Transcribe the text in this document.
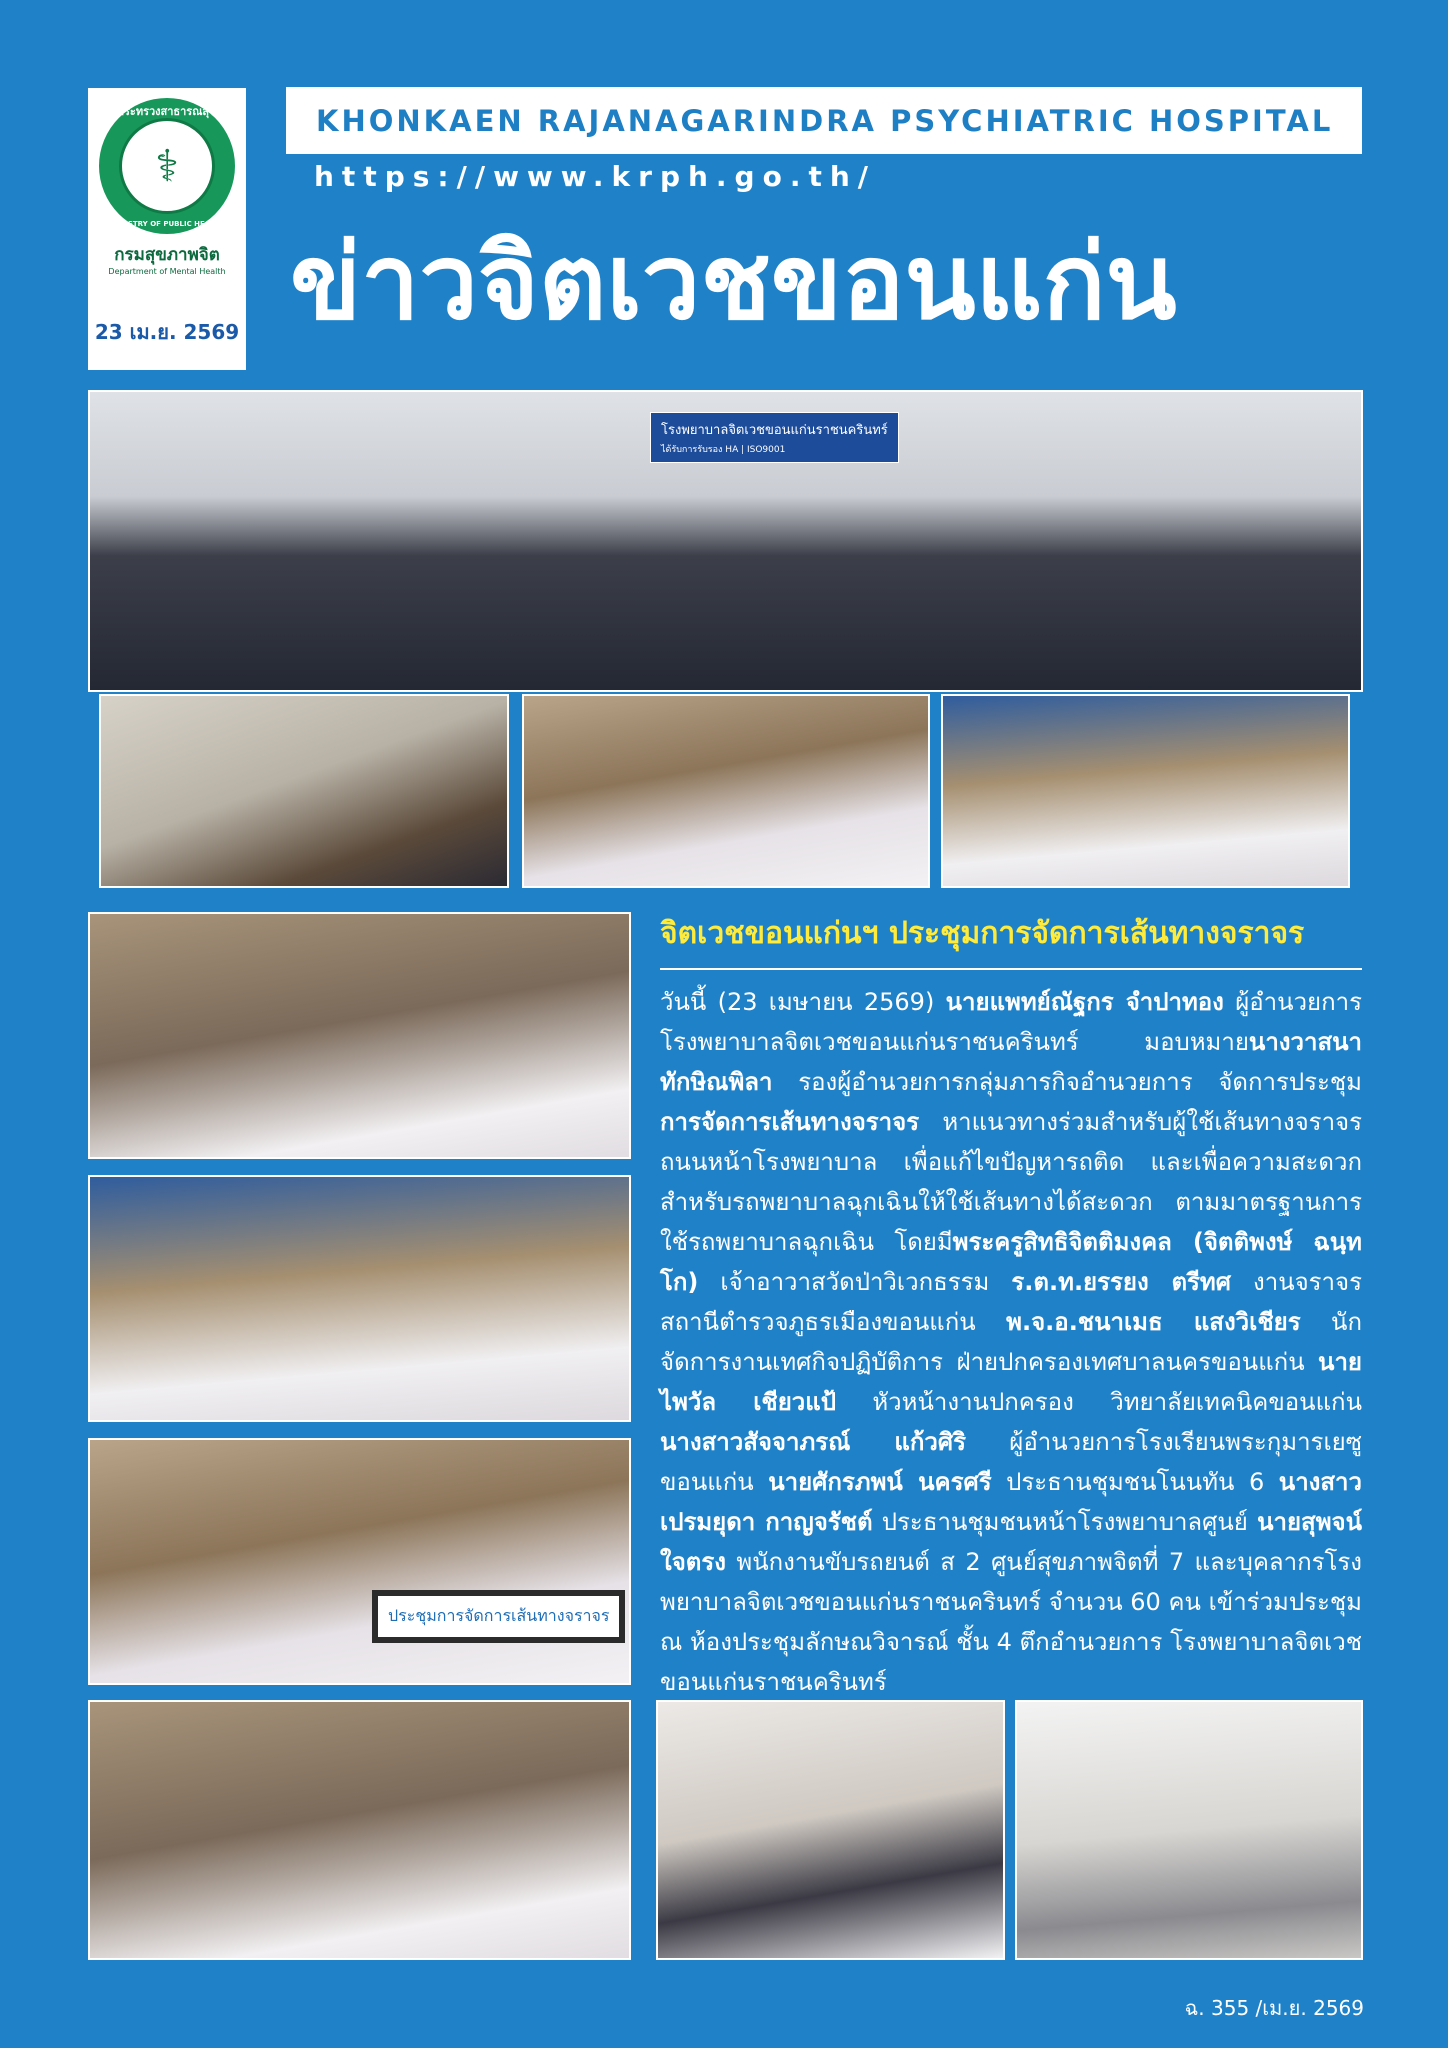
กระทรวงสาธารณสุข
⚕
MINISTRY OF PUBLIC HEALTH
กรมสุขภาพจิต
Department of Mental Health
23 เม.ย. 2569
KHONKAEN RAJANAGARINDRA PSYCHIATRIC HOSPITAL
https://www.krph.go.th/
ข่าวจิตเวชขอนแก่น
โรงพยาบาลจิตเวชขอนแก่นราชนครินทร์
ได้รับการรับรอง HA | ISO9001
ประชุมการจัดการเส้นทางจราจร
จิตเวชขอนแก่นฯ ประชุมการจัดการเส้นทางจราจร
วันนี้ (23 เมษายน 2569) นายแพทย์ณัฐกร จำปาทอง ผู้อำนวยการโรงพยาบาลจิตเวชขอนแก่นราชนครินทร์ มอบหมายนางวาสนา ทักษิณพิลา รองผู้อำนวยการกลุ่มภารกิจอำนวยการ จัดการประชุม การจัดการเส้นทางจราจร หาแนวทางร่วมสำหรับผู้ใช้เส้นทางจราจรถนนหน้าโรงพยาบาล เพื่อแก้ไขปัญหารถติด และเพื่อความสะดวกสำหรับรถพยาบาลฉุกเฉินให้ใช้เส้นทางได้สะดวก ตามมาตรฐานการใช้รถพยาบาลฉุกเฉิน โดยมีพระครูสิทธิจิตติมงคล (จิตติพงษ์ ฉนฺทโก) เจ้าอาวาสวัดป่าวิเวกธรรม ร.ต.ท.ยรรยง ตรีทศ งานจราจรสถานีตำรวจภูธรเมืองขอนแก่น พ.จ.อ.ชนาเมธ แสงวิเชียร นักจัดการงานเทศกิจปฏิบัติการ ฝ่ายปกครองเทศบาลนครขอนแก่น นายไพวัล เชียวแป้ หัวหน้างานปกครอง วิทยาลัยเทคนิคขอนแก่น นางสาวสัจจาภรณ์ แก้วศิริ ผู้อำนวยการโรงเรียนพระกุมารเยซูขอนแก่น นายศักรภพน์ นครศรี ประธานชุมชนโนนทัน 6 นางสาวเปรมยุดา กาญจรัชต์ ประธานชุมชนหน้าโรงพยาบาลศูนย์ นายสุพจน์ ใจตรง พนักงานขับรถยนต์ ส 2 ศูนย์สุขภาพจิตที่ 7 และบุคลากรโรงพยาบาลจิตเวชขอนแก่นราชนครินทร์ จำนวน 60 คน เข้าร่วมประชุม ณ ห้องประชุมลักษณวิจารณ์ ชั้น 4 ตึกอำนวยการ โรงพยาบาลจิตเวชขอนแก่นราชนครินทร์
ฉ. 355 /เม.ย. 2569
